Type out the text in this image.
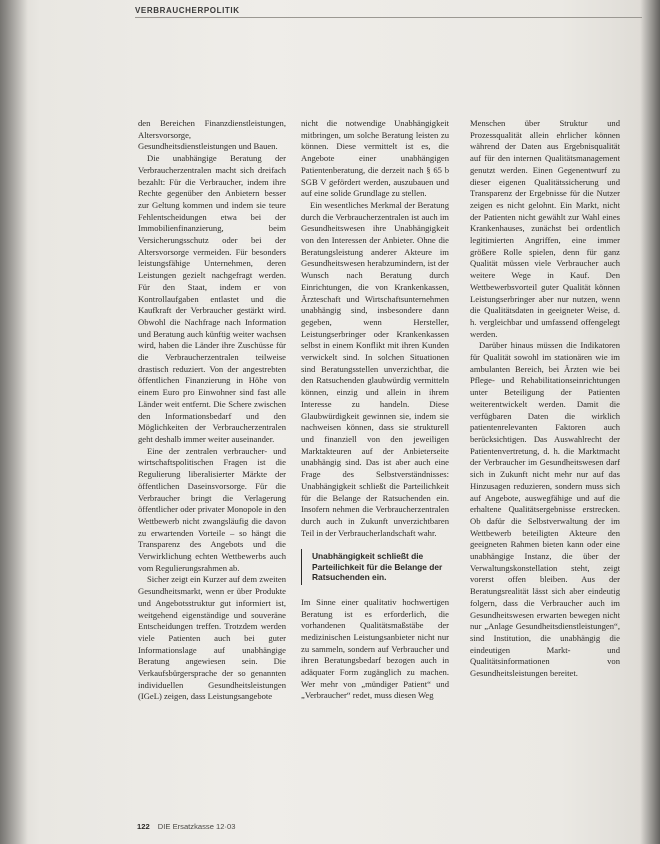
VERBRAUCHERPOLITIK

den Bereichen Finanzdienstleistungen, Altersvorsorge, Gesundheitsdienstleistungen und Bauen.

Die unabhängige Beratung der Verbraucherzentralen macht sich dreifach bezahlt: Für die Verbraucher, indem ihre Rechte gegenüber den Anbietern besser zur Geltung kommen und indem sie teure Fehlentscheidungen etwa bei der Immobilienfinanzierung, beim Versicherungsschutz oder bei der Altersvorsorge vermeiden. Für besonders leistungsfähige Unternehmen, deren Leistungen gezielt nachgefragt werden. Für den Staat, indem er von Kontrollaufgaben entlastet und die Kaufkraft der Verbraucher gestärkt wird. Obwohl die Nachfrage nach Information und Beratung auch künftig weiter wachsen wird, haben die Länder ihre Zuschüsse für die Verbraucherzentralen teilweise drastisch reduziert. Von der angestrebten öffentlichen Finanzierung in Höhe von einem Euro pro Einwohner sind fast alle Länder weit entfernt. Die Schere zwischen den Informationsbedarf und den Möglichkeiten der Verbraucherzentralen geht deshalb immer weiter auseinander.

Eine der zentralen verbraucher- und wirtschaftspolitischen Fragen ist die Regulierung liberalisierter Märkte der öffentlichen Daseinsvorsorge. Für die Verbraucher bringt die Verlagerung öffentlicher oder privater Monopole in den Wettbewerb nicht zwangsläufig die davon zu erwartenden Vorteile – so hängt die Transparenz des Angebots und die Verwirklichung echten Wettbewerbs auch vom Regulierungsrahmen ab.

Sicher zeigt ein Kurzer auf dem zweiten Gesundheitsmarkt, wenn er über Produkte und Angebotsstruktur gut informiert ist, weitgehend eigenständige und souveräne Entscheidungen treffen. Trotzdem werden viele Patienten auch bei guter Informationslage auf unabhängige Beratung angewiesen sein. Die Verkaufsbürgersprache der so genannten individuellen Gesundheitsleistungen (IGeL) zeigen, dass Leistungsangebote

nicht die notwendige Unabhängigkeit mitbringen, um solche Beratung leisten zu können. Diese vermittelt ist es, die Angebote einer unabhängigen Patientenberatung, die derzeit nach § 65 b SGB V gefördert werden, auszubauen und auf eine solide Grundlage zu stellen.

Ein wesentliches Merkmal der Beratung durch die Verbraucherzentralen ist auch im Gesundheitswesen ihre Unabhängigkeit von den Interessen der Anbieter. Ohne die Beratungsleistung anderer Akteure im Gesundheitswesen herabzumindern, ist der Wunsch nach Beratung durch Einrichtungen, die von Krankenkassen, Ärzteschaft und Wirtschaftsunternehmen unabhängig sind, insbesondere dann gegeben, wenn Hersteller, Leistungserbringer oder Krankenkassen selbst in einem Konflikt mit ihren Kunden verwickelt sind. In solchen Situationen sind Beratungsstellen unverzichtbar, die den Ratsuchenden glaubwürdig vermitteln können, einzig und allein in ihrem Interesse zu handeln. Diese Glaubwürdigkeit gewinnen sie, indem sie nachweisen können, dass sie strukturell und finanziell von den jeweiligen Marktakteuren auf der Anbieterseite unabhängig sind. Das ist aber auch eine Frage des Selbstverständnisses: Unabhängigkeit schließt die Parteilichkeit für die Belange der Ratsuchenden ein. Insofern nehmen die Verbraucherzentralen durch auch in Zukunft unverzichtbaren Teil in der Verbraucherlandschaft wahr.

Unabhängigkeit schließt die Parteilichkeit für die Belange der Ratsuchenden ein.

Im Sinne einer qualitativ hochwertigen Beratung ist es erforderlich, die vorhandenen Qualitätsmaßstäbe der medizinischen Leistungsanbieter nicht nur zu sammeln, sondern auf Verbraucher und ihren Beratungsbedarf bezogen auch in adäquater Form zugänglich zu machen. Wer mehr von „mündiger Patient“ und „Verbraucher“ redet, muss diesen Weg

Menschen über Struktur und Prozessqualität allein ehrlicher können während der Daten aus Ergebnisqualität auf für den internen Qualitätsmanagement genutzt werden. Einen Gegenentwurf zu dieser eigenen Qualitätssicherung und Transparenz der Ergebnisse für die Nutzer zeigen es nicht gelohnt. Ein Markt, nicht der Patienten nicht gewählt zur Wahl eines Krankenhauses, zunächst bei ordentlich legitimierten Angriffen, eine immer größere Rolle spielen, denn für ganz Qualität müssen viele Verbraucher auch weitere Wege in Kauf. Den Wettbewerbsvorteil guter Qualität können Leistungserbringer aber nur nutzen, wenn die Qualitätsdaten in geeigneter Weise, d. h. vergleichbar und umfassend offengelegt werden.

Darüber hinaus müssen die Indikatoren für Qualität sowohl im stationären wie im ambulanten Bereich, bei Ärzten wie bei Pflege- und Rehabilitationseinrichtungen unter Beteiligung der Patienten weiterentwickelt werden. Damit die verfügbaren Daten die wirklich patientenrelevanten Faktoren auch berücksichtigen. Das Auswahlrecht der Patientenvertretung, d. h. die Marktmacht der Verbraucher im Gesundheitswesen darf sich in Zukunft nicht mehr nur auf das Hinzusagen reduzieren, sondern muss sich auf Angebote, auswegfähige und auf die erhaltene Qualitätsergebnisse erstrecken. Ob dafür die Selbstverwaltung der im Wettbewerb beteiligten Akteure den geeigneten Rahmen bieten kann oder eine unabhängige Instanz, die über der Verwaltungskonstellation steht, zeigt vorerst offen bleiben. Aus der Beratungsrealität lässt sich aber eindeutig folgern, dass die Verbraucher auch im Gesundheitswesen erwarten bewegen nicht nur „Anlage Gesundheitsdienstleistungen“, sind Institution, die unabhängig die eindeutigen Markt- und Qualitätsinformationen von Gesundheitsleistungen bereitet.

122 DIE Ersatzkasse 12·03
